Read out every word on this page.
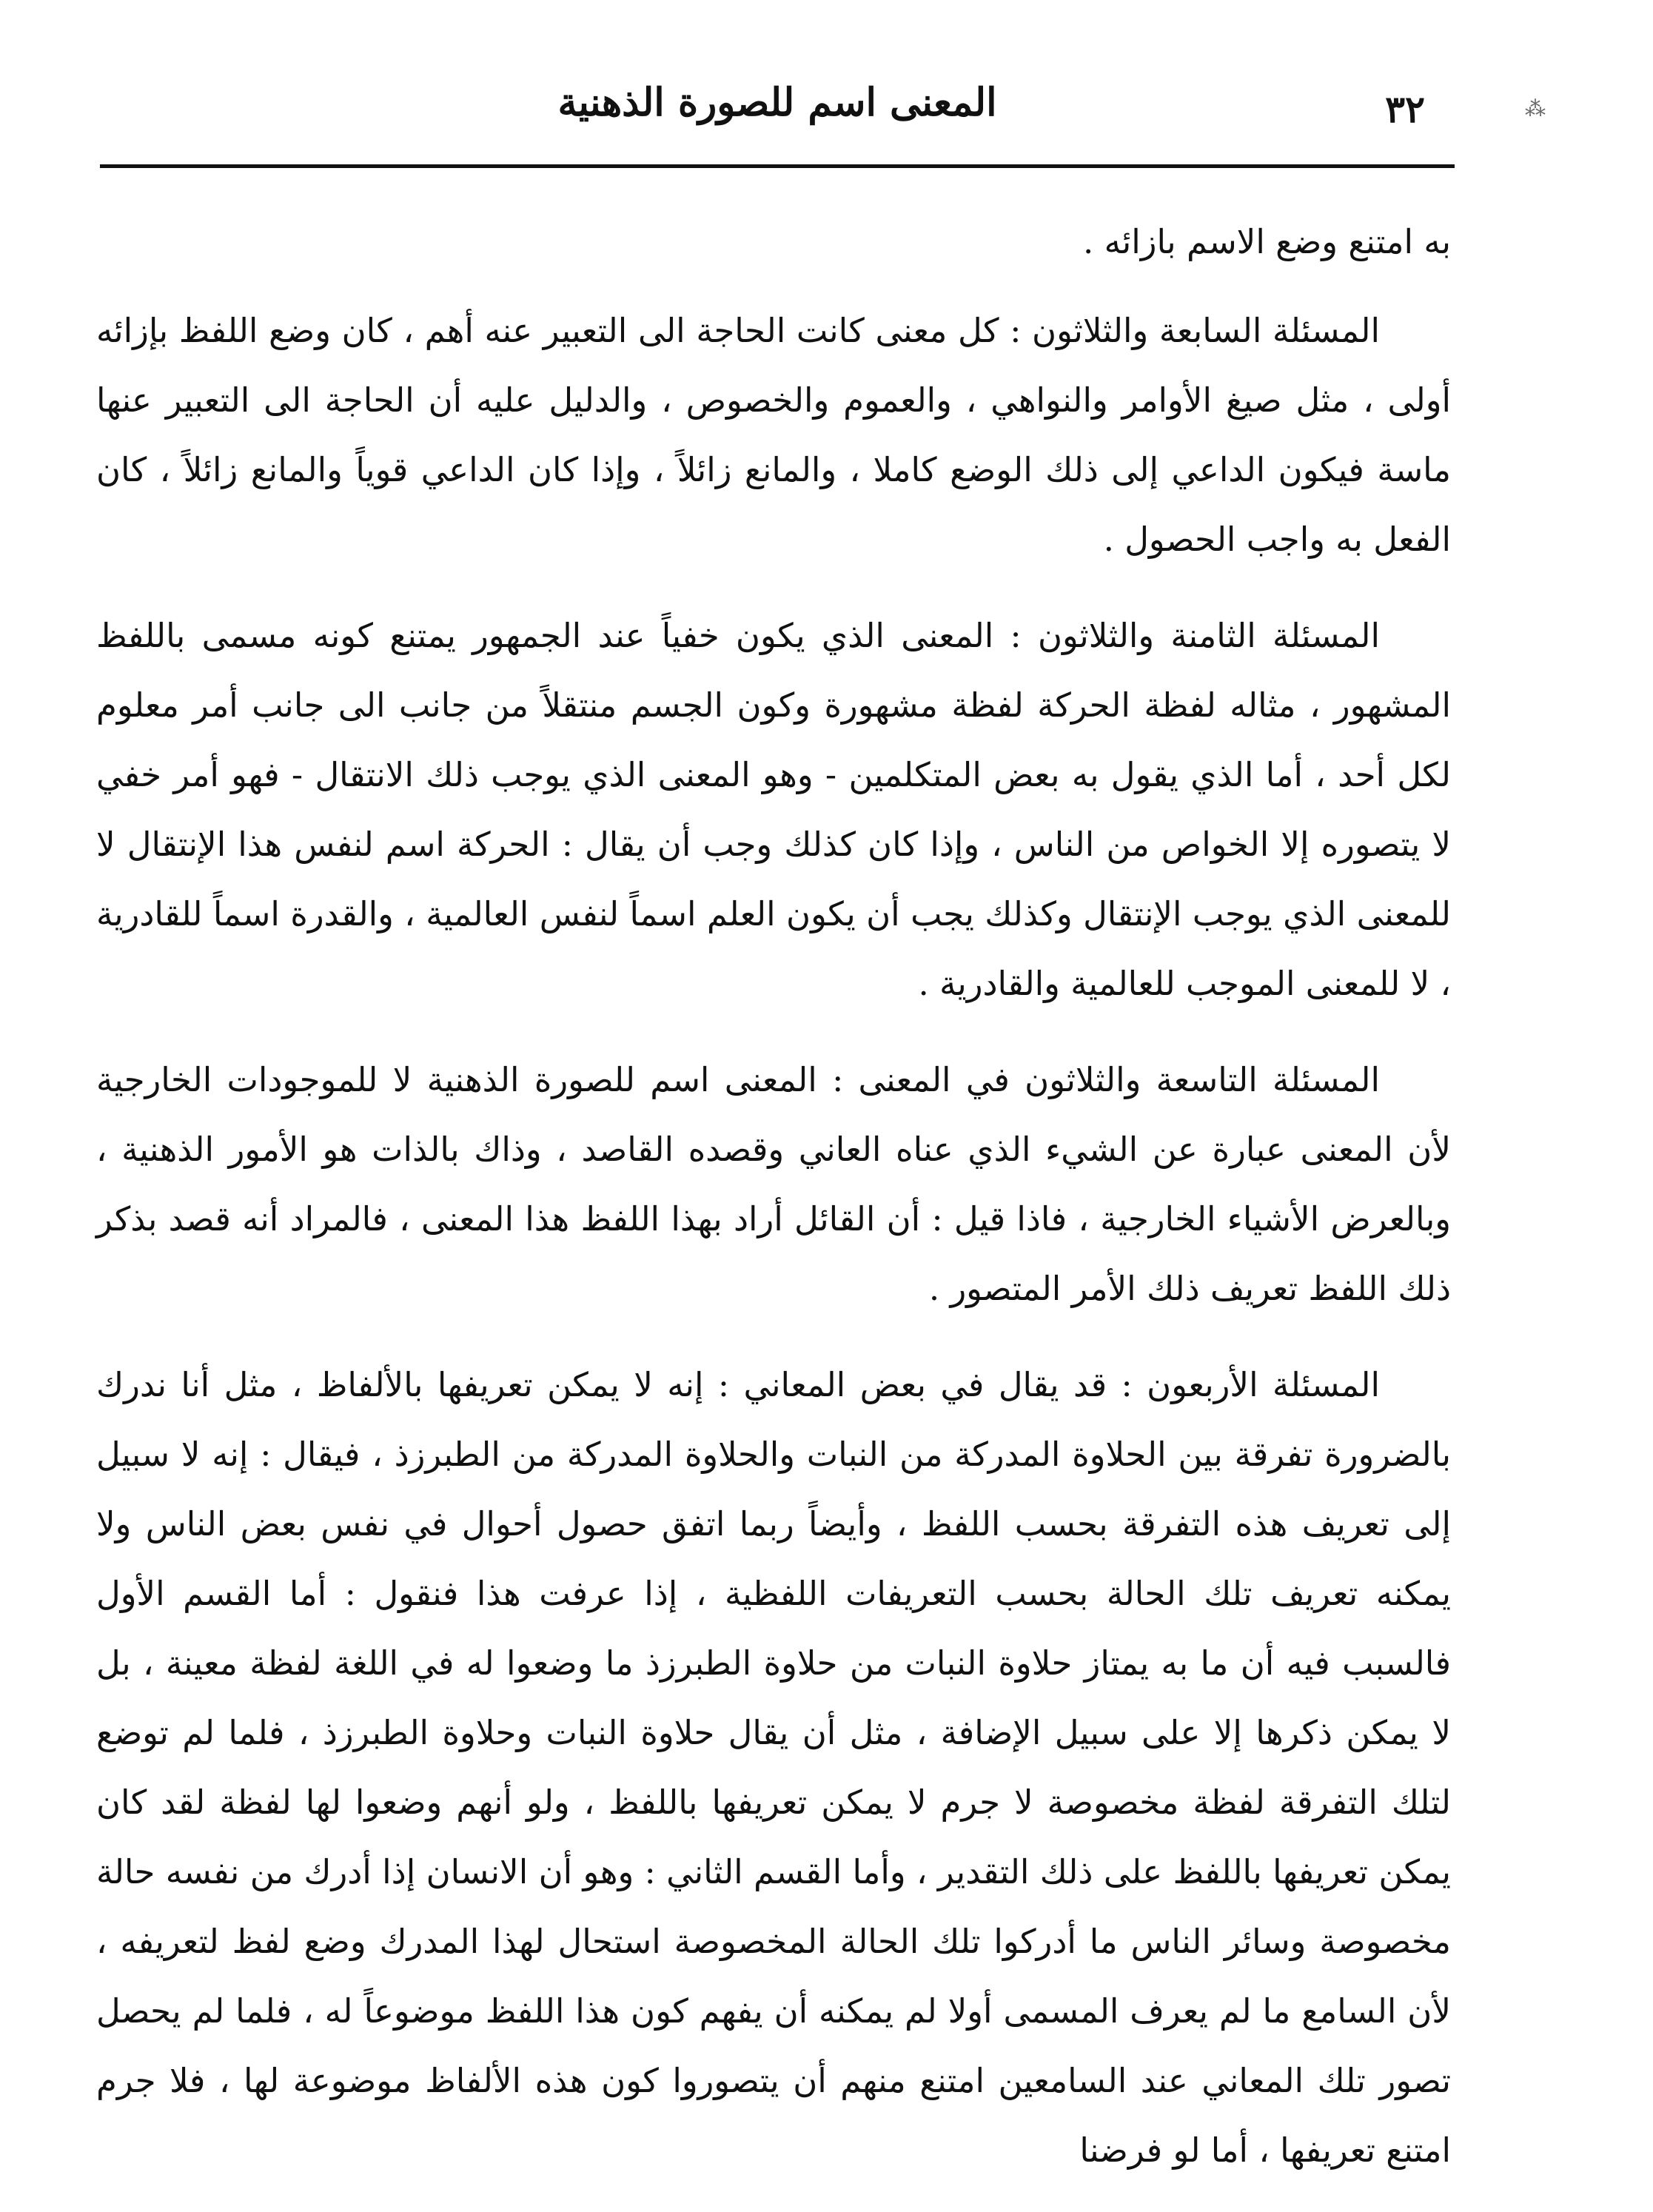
⁂
٣٢
المعنى اسم للصورة الذهنية

به امتنع وضع الاسم بازائه .

المسئلة السابعة والثلاثون : كل معنى كانت الحاجة الى التعبير عنه أهم ، كان وضع اللفظ بإزائه أولى ، مثل صيغ الأوامر والنواهي ، والعموم والخصوص ، والدليل عليه أن الحاجة الى التعبير عنها ماسة فيكون الداعي إلى ذلك الوضع كاملا ، والمانع زائلاً ، وإذا كان الداعي قوياً والمانع زائلاً ، كان الفعل به واجب الحصول .

المسئلة الثامنة والثلاثون : المعنى الذي يكون خفياً عند الجمهور يمتنع كونه مسمى باللفظ المشهور ، مثاله لفظة الحركة لفظة مشهورة وكون الجسم منتقلاً من جانب الى جانب أمر معلوم لكل أحد ، أما الذي يقول به بعض المتكلمين - وهو المعنى الذي يوجب ذلك الانتقال - فهو أمر خفي لا يتصوره إلا الخواص من الناس ، وإذا كان كذلك وجب أن يقال : الحركة اسم لنفس هذا الإنتقال لا للمعنى الذي يوجب الإنتقال وكذلك يجب أن يكون العلم اسماً لنفس العالمية ، والقدرة اسماً للقادرية ، لا للمعنى الموجب للعالمية والقادرية .

المسئلة التاسعة والثلاثون في المعنى : المعنى اسم للصورة الذهنية لا للموجودات الخارجية لأن المعنى عبارة عن الشيء الذي عناه العاني وقصده القاصد ، وذاك بالذات هو الأمور الذهنية ، وبالعرض الأشياء الخارجية ، فاذا قيل : أن القائل أراد بهذا اللفظ هذا المعنى ، فالمراد أنه قصد بذكر ذلك اللفظ تعريف ذلك الأمر المتصور .

المسئلة الأربعون : قد يقال في بعض المعاني : إنه لا يمكن تعريفها بالألفاظ ، مثل أنا ندرك بالضرورة تفرقة بين الحلاوة المدركة من النبات والحلاوة المدركة من الطبرزذ ، فيقال : إنه لا سبيل إلى تعريف هذه التفرقة بحسب اللفظ ، وأيضاً ربما اتفق حصول أحوال في نفس بعض الناس ولا يمكنه تعريف تلك الحالة بحسب التعريفات اللفظية ، إذا عرفت هذا فنقول : أما القسم الأول فالسبب فيه أن ما به يمتاز حلاوة النبات من حلاوة الطبرزذ ما وضعوا له في اللغة لفظة معينة ، بل لا يمكن ذكرها إلا على سبيل الإضافة ، مثل أن يقال حلاوة النبات وحلاوة الطبرزذ ، فلما لم توضع لتلك التفرقة لفظة مخصوصة لا جرم لا يمكن تعريفها باللفظ ، ولو أنهم وضعوا لها لفظة لقد كان يمكن تعريفها باللفظ على ذلك التقدير ، وأما القسم الثاني : وهو أن الانسان إذا أدرك من نفسه حالة مخصوصة وسائر الناس ما أدركوا تلك الحالة المخصوصة استحال لهذا المدرك وضع لفظ لتعريفه ، لأن السامع ما لم يعرف المسمى أولا لم يمكنه أن يفهم كون هذا اللفظ موضوعاً له ، فلما لم يحصل تصور تلك المعاني عند السامعين امتنع منهم أن يتصوروا كون هذه الألفاظ موضوعة لها ، فلا جرم امتنع تعريفها ، أما لو فرضنا
